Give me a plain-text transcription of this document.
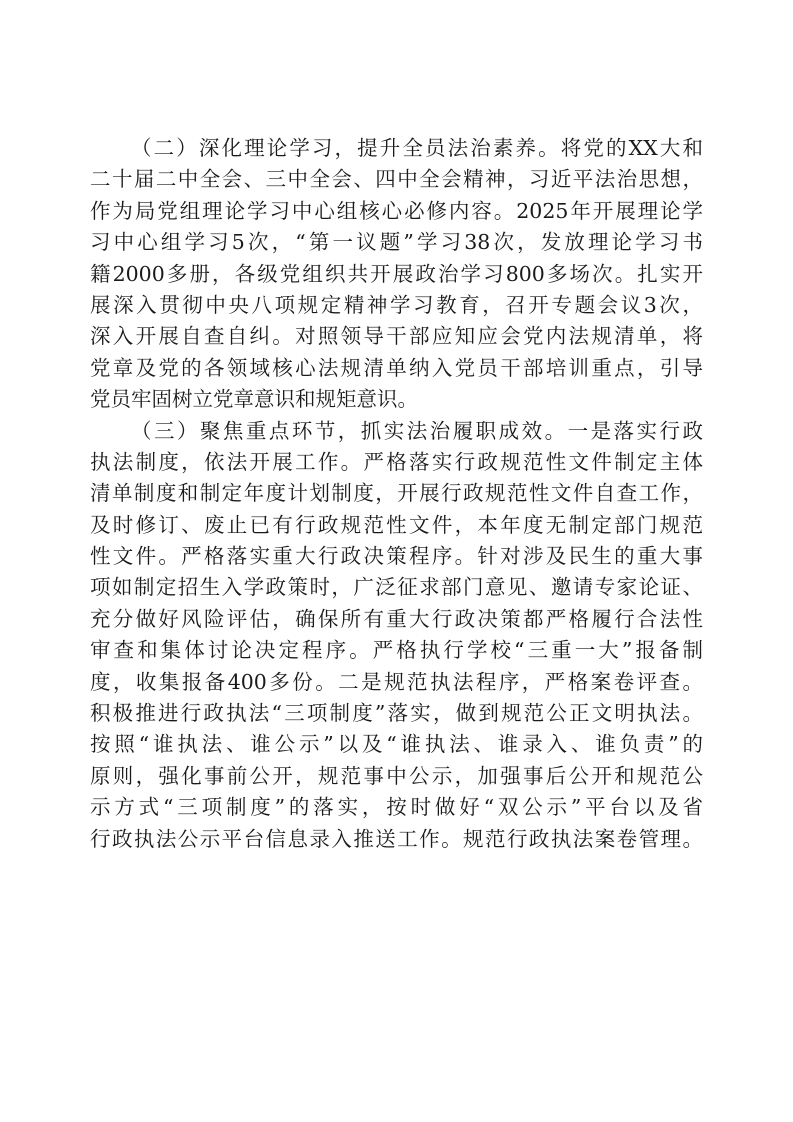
（二）深化理论学习，提升全员法治素养。将党的XX大和
二十届二中全会、三中全会、四中全会精神，习近平法治思想，
作为局党组理论学习中心组核心必修内容。2025年开展理论学
习中心组学习5次，“第一议题”学习38次，发放理论学习书
籍2000多册，各级党组织共开展政治学习800多场次。扎实开
展深入贯彻中央八项规定精神学习教育，召开专题会议3次，
深入开展自查自纠。对照领导干部应知应会党内法规清单，将
党章及党的各领域核心法规清单纳入党员干部培训重点，引导
党员牢固树立党章意识和规矩意识。
（三）聚焦重点环节，抓实法治履职成效。一是落实行政
执法制度，依法开展工作。严格落实行政规范性文件制定主体
清单制度和制定年度计划制度，开展行政规范性文件自查工作，
及时修订、废止已有行政规范性文件，本年度无制定部门规范
性文件。严格落实重大行政决策程序。针对涉及民生的重大事
项如制定招生入学政策时，广泛征求部门意见、邀请专家论证、
充分做好风险评估，确保所有重大行政决策都严格履行合法性
审查和集体讨论决定程序。严格执行学校“三重一大”报备制
度，收集报备400多份。二是规范执法程序，严格案卷评查。
积极推进行政执法“三项制度”落实，做到规范公正文明执法。
按照“谁执法、谁公示”以及“谁执法、谁录入、谁负责”的
原则，强化事前公开，规范事中公示，加强事后公开和规范公
示方式“三项制度”的落实，按时做好“双公示”平台以及省
行政执法公示平台信息录入推送工作。规范行政执法案卷管理。
